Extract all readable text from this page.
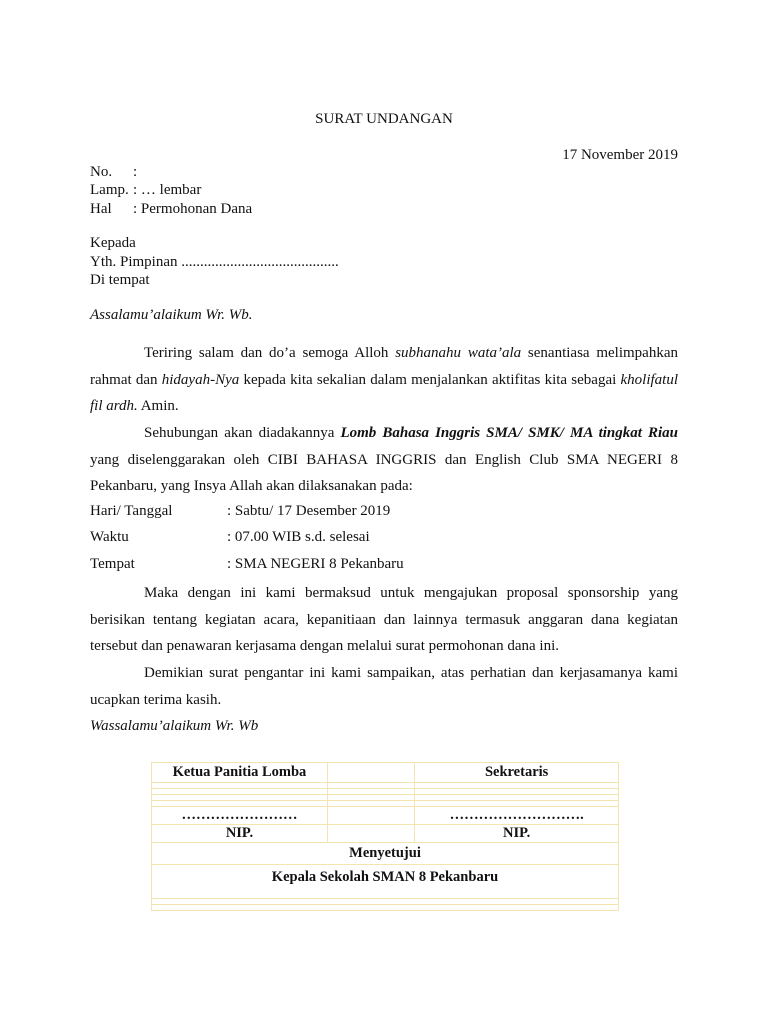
SURAT UNDANGAN
17 November 2019
No. :
Lamp. : … lembar
Hal : Permohonan Dana
Kepada
Yth. Pimpinan ..........................................
Di tempat
Assalamu’alaikum Wr. Wb.
Teriring salam dan do’a semoga Alloh subhanahu wata’ala senantiasa melimpahkan rahmat dan hidayah-Nya kepada kita sekalian dalam menjalankan aktifitas kita sebagai kholifatul fil ardh. Amin.
Sehubungan akan diadakannya Lomb Bahasa Inggris SMA/ SMK/ MA tingkat Riau yang diselenggarakan oleh CIBI BAHASA INGGRIS dan English Club SMA NEGERI 8 Pekanbaru, yang Insya Allah akan dilaksanakan pada:
Hari/ Tanggal	: Sabtu/ 17 Desember 2019
Waktu	: 07.00 WIB s.d. selesai
Tempat	: SMA NEGERI 8 Pekanbaru
Maka dengan ini kami bermaksud untuk mengajukan proposal sponsorship yang berisikan tentang kegiatan acara, kepanitiaan dan lainnya termasuk anggaran dana kegiatan tersebut dan penawaran kerjasama dengan melalui surat permohonan dana ini.
Demikian surat pengantar ini kami sampaikan, atas perhatian dan kerjasamanya kami ucapkan terima kasih.
Wassalamu’alaikum Wr. Wb
Ketua Panitia Lomba		Sekretaris

……………………		……………………….
NIP.		NIP.
Menyetujui		
Kepala Sekolah SMAN 8 Pekanbaru		
